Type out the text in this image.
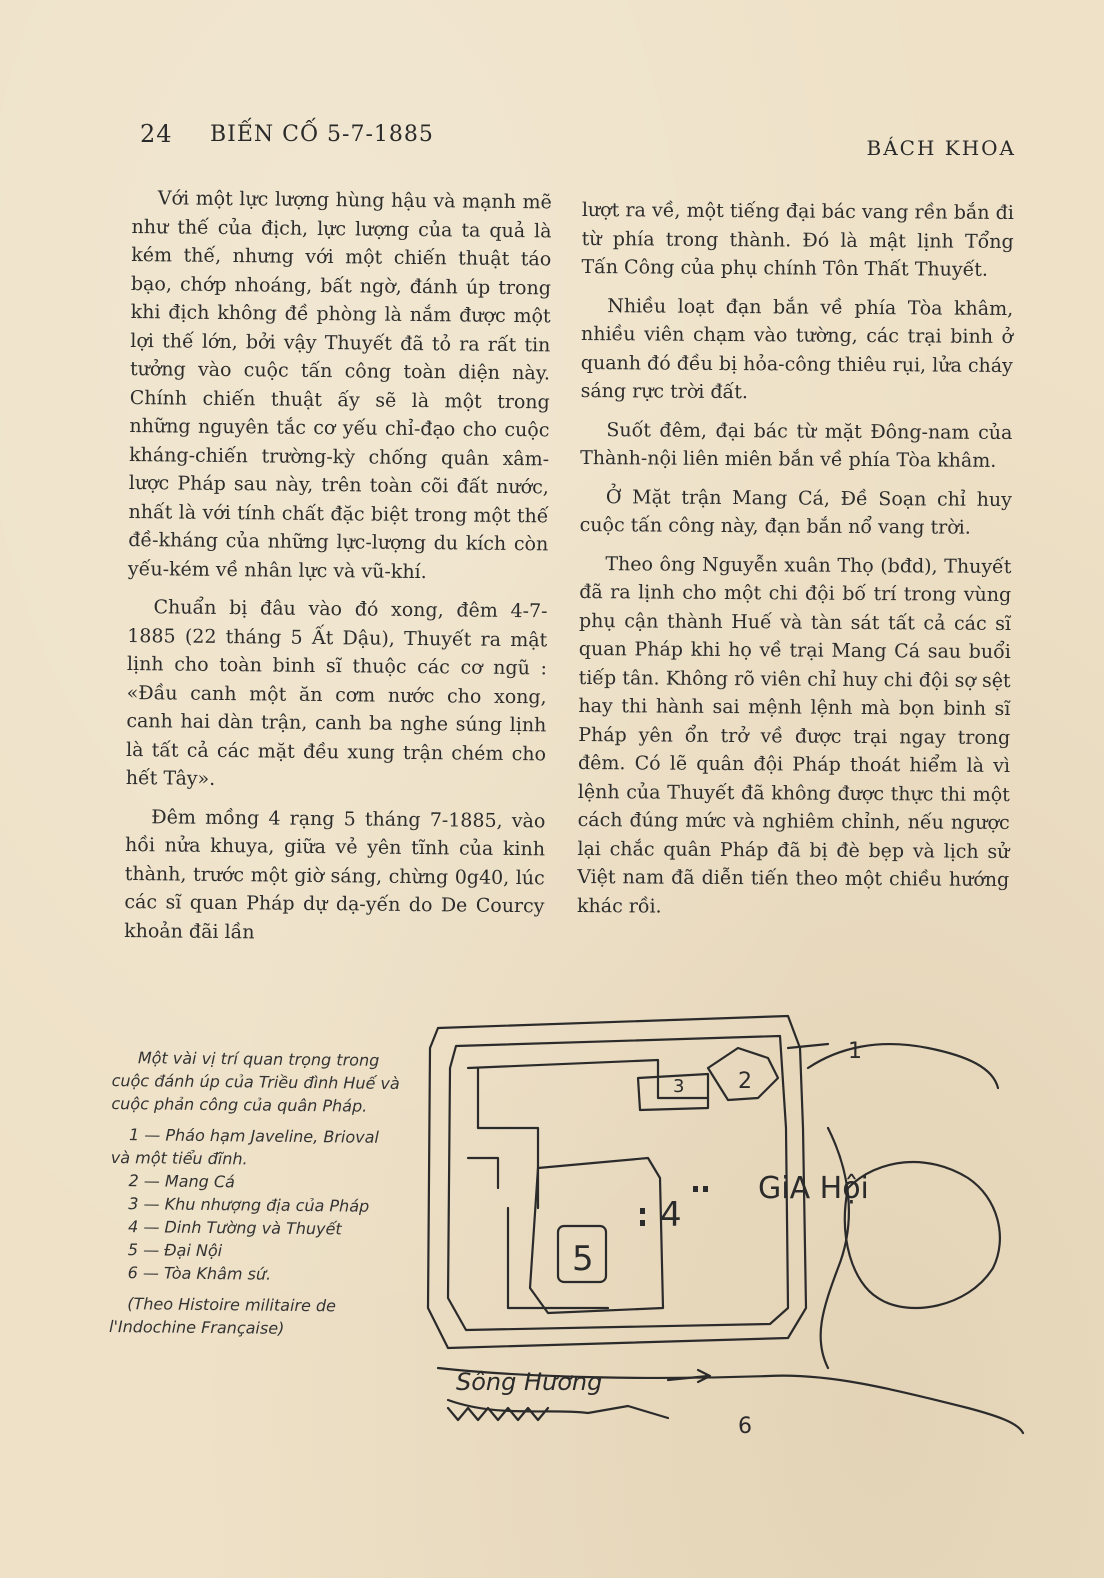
24 BIẾN CỐ 5-7-1885
BÁCH KHOA

Với một lực lượng hùng hậu và mạnh mẽ như thế của địch, lực lượng của ta quả là kém thế, nhưng với một chiến thuật táo bạo, chớp nhoáng, bất ngờ, đánh úp trong khi địch không đề phòng là nắm được một lợi thế lớn, bởi vậy Thuyết đã tỏ ra rất tin tưởng vào cuộc tấn công toàn diện này. Chính chiến thuật ấy sẽ là một trong những nguyên tắc cơ yếu chỉ-đạo cho cuộc kháng-chiến trường-kỳ chống quân xâm-lược Pháp sau này, trên toàn cõi đất nước, nhất là với tính chất đặc biệt trong một thế đề-kháng của những lực-lượng du kích còn yếu-kém về nhân lực và vũ-khí.

Chuẩn bị đâu vào đó xong, đêm 4-7-1885 (22 tháng 5 Ất Dậu), Thuyết ra mật lịnh cho toàn binh sĩ thuộc các cơ ngũ : «Đầu canh một ăn cơm nước cho xong, canh hai dàn trận, canh ba nghe súng lịnh là tất cả các mặt đều xung trận chém cho hết Tây».

Đêm mồng 4 rạng 5 tháng 7-1885, vào hồi nửa khuya, giữa vẻ yên tĩnh của kinh thành, trước một giờ sáng, chừng 0g40, lúc các sĩ quan Pháp dự dạ-yến do De Courcy khoản đãi lần

lượt ra về, một tiếng đại bác vang rền bắn đi từ phía trong thành. Đó là mật lịnh Tổng Tấn Công của phụ chính Tôn Thất Thuyết.

Nhiều loạt đạn bắn về phía Tòa khâm, nhiều viên chạm vào tường, các trại binh ở quanh đó đều bị hỏa-công thiêu rụi, lửa cháy sáng rực trời đất.

Suốt đêm, đại bác từ mặt Đông-nam của Thành-nội liên miên bắn về phía Tòa khâm.

Ở Mặt trận Mang Cá, Đề Soạn chỉ huy cuộc tấn công này, đạn bắn nổ vang trời.

Theo ông Nguyễn xuân Thọ (bđd), Thuyết đã ra lịnh cho một chi đội bố trí trong vùng phụ cận thành Huế và tàn sát tất cả các sĩ quan Pháp khi họ về trại Mang Cá sau buổi tiếp tân. Không rõ viên chỉ huy chi đội sợ sệt hay thi hành sai mệnh lệnh mà bọn binh sĩ Pháp yên ổn trở về được trại ngay trong đêm. Có lẽ quân đội Pháp thoát hiểm là vì lệnh của Thuyết đã không được thực thi một cách đúng mức và nghiêm chỉnh, nếu ngược lại chắc quân Pháp đã bị đè bẹp và lịch sử Việt nam đã diễn tiến theo một chiều hướng khác rồi.

Một vài vị trí quan trọng trong cuộc đánh úp của Triều đình Huế và cuộc phản công của quân Pháp.

1 — Pháo hạm Javeline, Brioval và một tiểu đĩnh.

2 — Mang Cá

3 — Khu nhượng địa của Pháp

4 — Dinh Tường và Thuyết

5 — Đại Nội

6 — Tòa Khâm sứ.

(Theo Histoire militaire de l'Indochine Française)

1
2
3
4
5
6
GiA Hội
Sông Hương
